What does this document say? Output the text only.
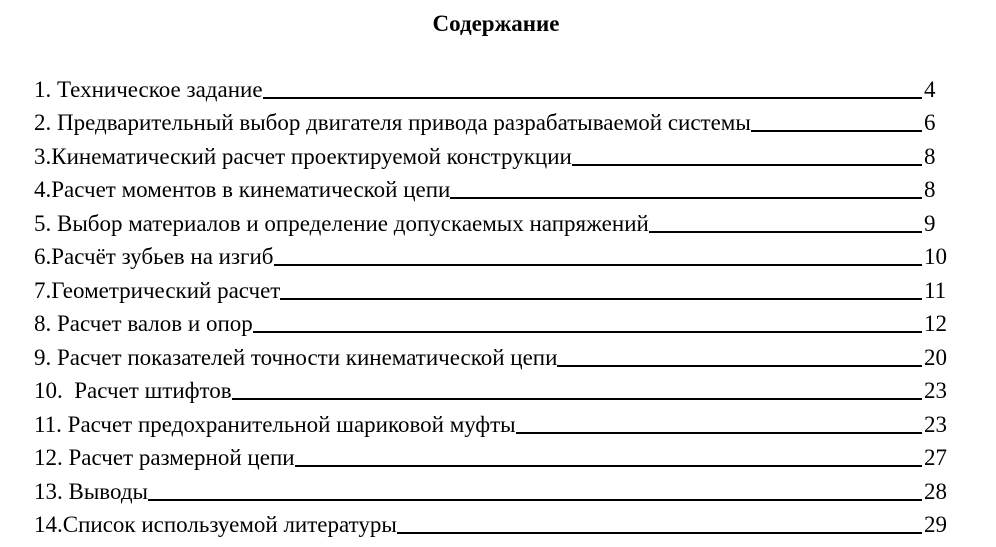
Содержание
1. Техническое задание	4
2. Предварительный выбор двигателя привода разрабатываемой системы	6
3.Кинематический расчет проектируемой конструкции	8
4.Расчет моментов в кинематической цепи	8
5. Выбор материалов и определение допускаемых напряжений	9
6.Расчёт зубьев на изгиб	10
7.Геометрический расчет	11
8. Расчет валов и опор	12
9. Расчет показателей точности кинематической цепи	20
10.  Расчет штифтов	23
11. Расчет предохранительной шариковой муфты	23
12. Расчет размерной цепи	27
13. Выводы	28
14.Список используемой литературы	29
